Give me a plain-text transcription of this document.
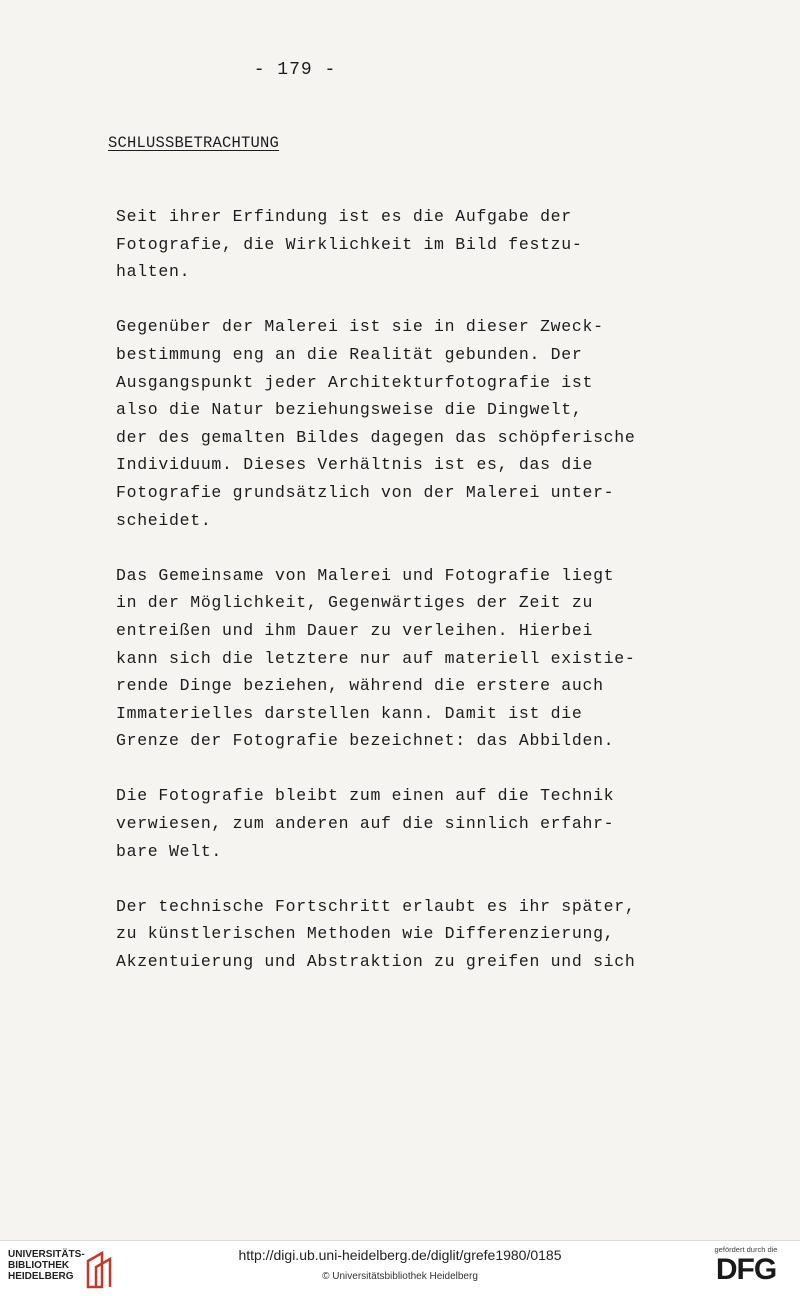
- 179 -
SCHLUSSBETRACHTUNG

Seit ihrer Erfindung ist es die Aufgabe der
Fotografie, die Wirklichkeit im Bild festzu-
halten.

Gegenüber der Malerei ist sie in dieser Zweck-
bestimmung eng an die Realität gebunden. Der
Ausgangspunkt jeder Architekturfotografie ist
also die Natur beziehungsweise die Dingwelt,
der des gemalten Bildes dagegen das schöpferische
Individuum. Dieses Verhältnis ist es, das die
Fotografie grundsätzlich von der Malerei unter-
scheidet.

Das Gemeinsame von Malerei und Fotografie liegt
in der Möglichkeit, Gegenwärtiges der Zeit zu
entreißen und ihm Dauer zu verleihen. Hierbei
kann sich die letztere nur auf materiell existie-
rende Dinge beziehen, während die erstere auch
Immaterielles darstellen kann. Damit ist die
Grenze der Fotografie bezeichnet: das Abbilden.

Die Fotografie bleibt zum einen auf die Technik
verwiesen, zum anderen auf die sinnlich erfahr-
bare Welt.

Der technische Fortschritt erlaubt es ihr später,
zu künstlerischen Methoden wie Differenzierung,
Akzentuierung und Abstraktion zu greifen und sich

UNIVERSITÄTS-
BIBLIOTHEK
HEIDELBERG
http://digi.ub.uni-heidelberg.de/diglit/grefe1980/0185
© Universitätsbibliothek Heidelberg
gefördert durch die
DFG
